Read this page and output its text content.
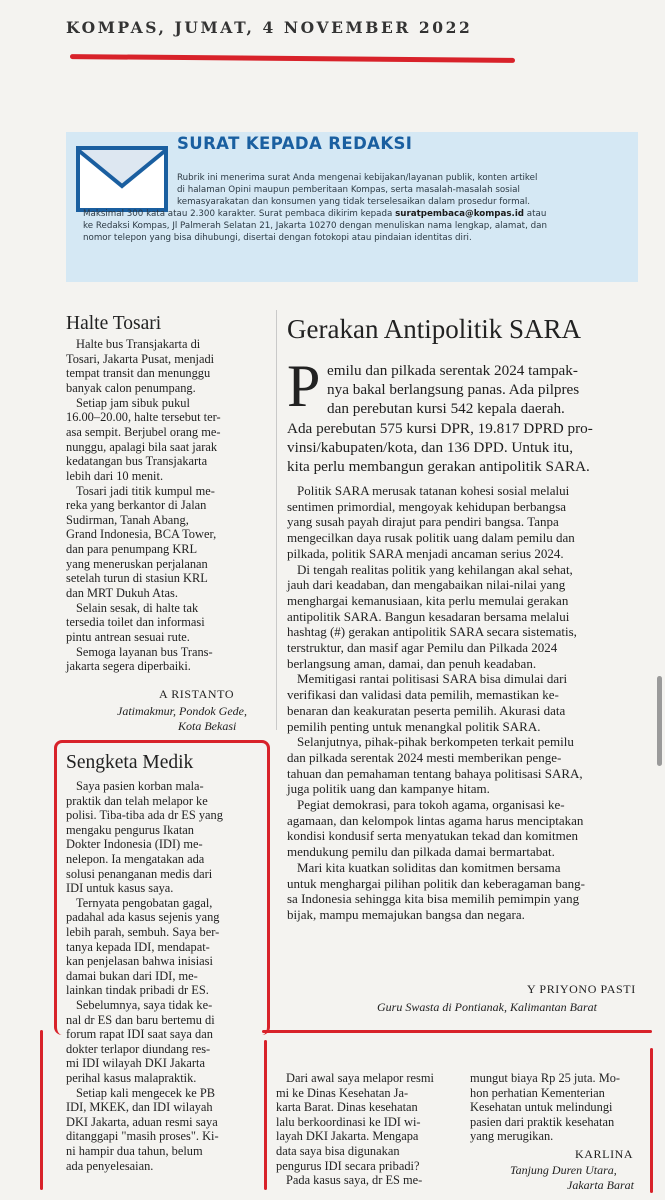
KOMPAS, JUMAT, 4 NOVEMBER 2022
SURAT KEPADA REDAKSI
Rubrik ini menerima surat Anda mengenai kebijakan/layanan publik, konten artikel
di halaman Opini maupun pemberitaan Kompas, serta masalah-masalah sosial
kemasyarakatan dan konsumen yang tidak terselesaikan dalam prosedur formal.
Maksimal 300 kata atau 2.300 karakter. Surat pembaca dikirim kepada suratpembaca@kompas.id atau
ke Redaksi Kompas, Jl Palmerah Selatan 21, Jakarta 10270 dengan menuliskan nama lengkap, alamat, dan
nomor telepon yang bisa dihubungi, disertai dengan fotokopi atau pindaian identitas diri.
Halte Tosari
Halte bus Transjakarta di
Tosari, Jakarta Pusat, menjadi
tempat transit dan menunggu
banyak calon penumpang.
Setiap jam sibuk pukul
16.00–20.00, halte tersebut ter-
asa sempit. Berjubel orang me-
nunggu, apalagi bila saat jarak
kedatangan bus Transjakarta
lebih dari 10 menit.
Tosari jadi titik kumpul me-
reka yang berkantor di Jalan
Sudirman, Tanah Abang,
Grand Indonesia, BCA Tower,
dan para penumpang KRL
yang meneruskan perjalanan
setelah turun di stasiun KRL
dan MRT Dukuh Atas.
Selain sesak, di halte tak
tersedia toilet dan informasi
pintu antrean sesuai rute.
Semoga layanan bus Trans-
jakarta segera diperbaiki.
A RISTANTO
Jatimakmur, Pondok Gede,
Kota Bekasi
Sengketa Medik
Saya pasien korban mala-
praktik dan telah melapor ke
polisi. Tiba-tiba ada dr ES yang
mengaku pengurus Ikatan
Dokter Indonesia (IDI) me-
nelepon. Ia mengatakan ada
solusi penanganan medis dari
IDI untuk kasus saya.
Ternyata pengobatan gagal,
padahal ada kasus sejenis yang
lebih parah, sembuh. Saya ber-
tanya kepada IDI, mendapat-
kan penjelasan bahwa inisiasi
damai bukan dari IDI, me-
lainkan tindak pribadi dr ES.
Sebelumnya, saya tidak ke-
nal dr ES dan baru bertemu di
forum rapat IDI saat saya dan
dokter terlapor diundang res-
mi IDI wilayah DKI Jakarta
perihal kasus malapraktik.
Setiap kali mengecek ke PB
IDI, MKEK, dan IDI wilayah
DKI Jakarta, aduan resmi saya
ditanggapi "masih proses". Ki-
ni hampir dua tahun, belum
ada penyelesaian.
Dari awal saya melapor resmi
mi ke Dinas Kesehatan Ja-
karta Barat. Dinas kesehatan
lalu berkoordinasi ke IDI wi-
layah DKI Jakarta. Mengapa
data saya bisa digunakan
pengurus IDI secara pribadi?
Pada kasus saya, dr ES me-
mungut biaya Rp 25 juta. Mo-
hon perhatian Kementerian
Kesehatan untuk melindungi
pasien dari praktik kesehatan
yang merugikan.
KARLINA
Tanjung Duren Utara,
Jakarta Barat
Gerakan Antipolitik SARA
P emilu dan pilkada serentak 2024 tampak-
nya bakal berlangsung panas. Ada pilpres
dan perebutan kursi 542 kepala daerah.
Ada perebutan 575 kursi DPR, 19.817 DPRD pro-
vinsi/kabupaten/kota, dan 136 DPD. Untuk itu,
kita perlu membangun gerakan antipolitik SARA.
Politik SARA merusak tatanan kohesi sosial melalui
sentimen primordial, mengoyak kehidupan berbangsa
yang susah payah dirajut para pendiri bangsa. Tanpa
mengecilkan daya rusak politik uang dalam pemilu dan
pilkada, politik SARA menjadi ancaman serius 2024.
Di tengah realitas politik yang kehilangan akal sehat,
jauh dari keadaban, dan mengabaikan nilai-nilai yang
menghargai kemanusiaan, kita perlu memulai gerakan
antipolitik SARA. Bangun kesadaran bersama melalui
hashtag (#) gerakan antipolitik SARA secara sistematis,
terstruktur, dan masif agar Pemilu dan Pilkada 2024
berlangsung aman, damai, dan penuh keadaban.
Memitigasi rantai politisasi SARA bisa dimulai dari
verifikasi dan validasi data pemilih, memastikan ke-
benaran dan keakuratan peserta pemilih. Akurasi data
pemilih penting untuk menangkal politik SARA.
Selanjutnya, pihak-pihak berkompeten terkait pemilu
dan pilkada serentak 2024 mesti memberikan penge-
tahuan dan pemahaman tentang bahaya politisasi SARA,
juga politik uang dan kampanye hitam.
Pegiat demokrasi, para tokoh agama, organisasi ke-
agamaan, dan kelompok lintas agama harus menciptakan
kondisi kondusif serta menyatukan tekad dan komitmen
mendukung pemilu dan pilkada damai bermartabat.
Mari kita kuatkan soliditas dan komitmen bersama
untuk menghargai pilihan politik dan keberagaman bang-
sa Indonesia sehingga kita bisa memilih pemimpin yang
bijak, mampu memajukan bangsa dan negara.
Y PRIYONO PASTI
Guru Swasta di Pontianak, Kalimantan Barat
